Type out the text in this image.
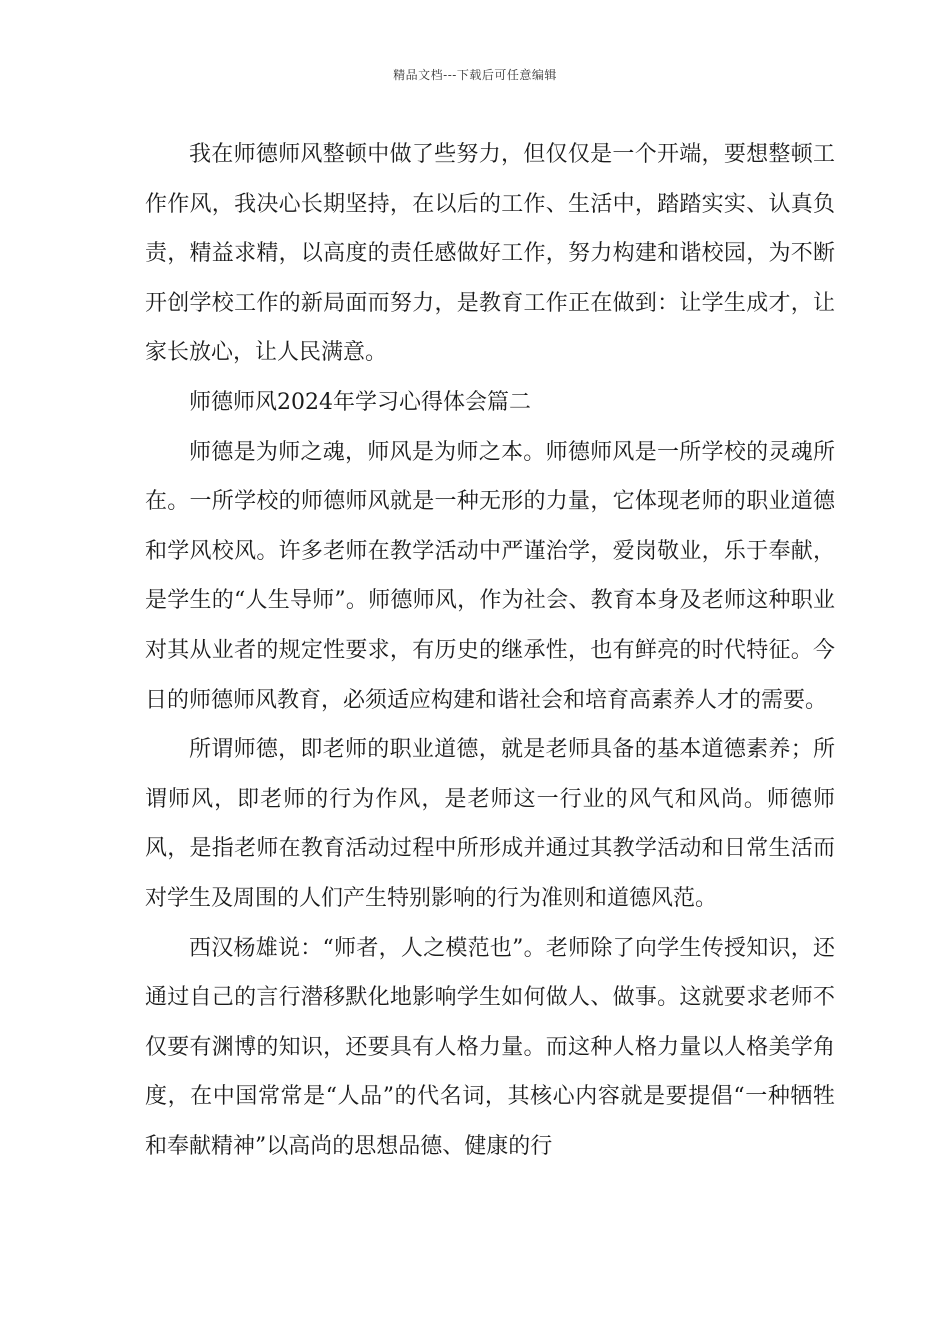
精品文档---下载后可任意编辑

我在师德师风整顿中做了些努力，但仅仅是一个开端，要想整顿工作作风，我决心长期坚持，在以后的工作、生活中，踏踏实实、认真负责，精益求精，以高度的责任感做好工作，努力构建和谐校园，为不断开创学校工作的新局面而努力，是教育工作正在做到：让学生成才，让家长放心，让人民满意。

师德师风2024年学习心得体会篇二

师德是为师之魂，师风是为师之本。师德师风是一所学校的灵魂所在。一所学校的师德师风就是一种无形的力量，它体现老师的职业道德和学风校风。许多老师在教学活动中严谨治学，爱岗敬业，乐于奉献，是学生的“人生导师”。师德师风，作为社会、教育本身及老师这种职业对其从业者的规定性要求，有历史的继承性，也有鲜亮的时代特征。今日的师德师风教育，必须适应构建和谐社会和培育高素养人才的需要。

所谓师德，即老师的职业道德，就是老师具备的基本道德素养；所谓师风，即老师的行为作风，是老师这一行业的风气和风尚。师德师风，是指老师在教育活动过程中所形成并通过其教学活动和日常生活而对学生及周围的人们产生特别影响的行为准则和道德风范。

西汉杨雄说：“师者，人之模范也”。老师除了向学生传授知识，还通过自己的言行潜移默化地影响学生如何做人、做事。这就要求老师不仅要有渊博的知识，还要具有人格力量。而这种人格力量以人格美学角度，在中国常常是“人品”的代名词，其核心内容就是要提倡“一种牺牲和奉献精神”以高尚的思想品德、健康的行
